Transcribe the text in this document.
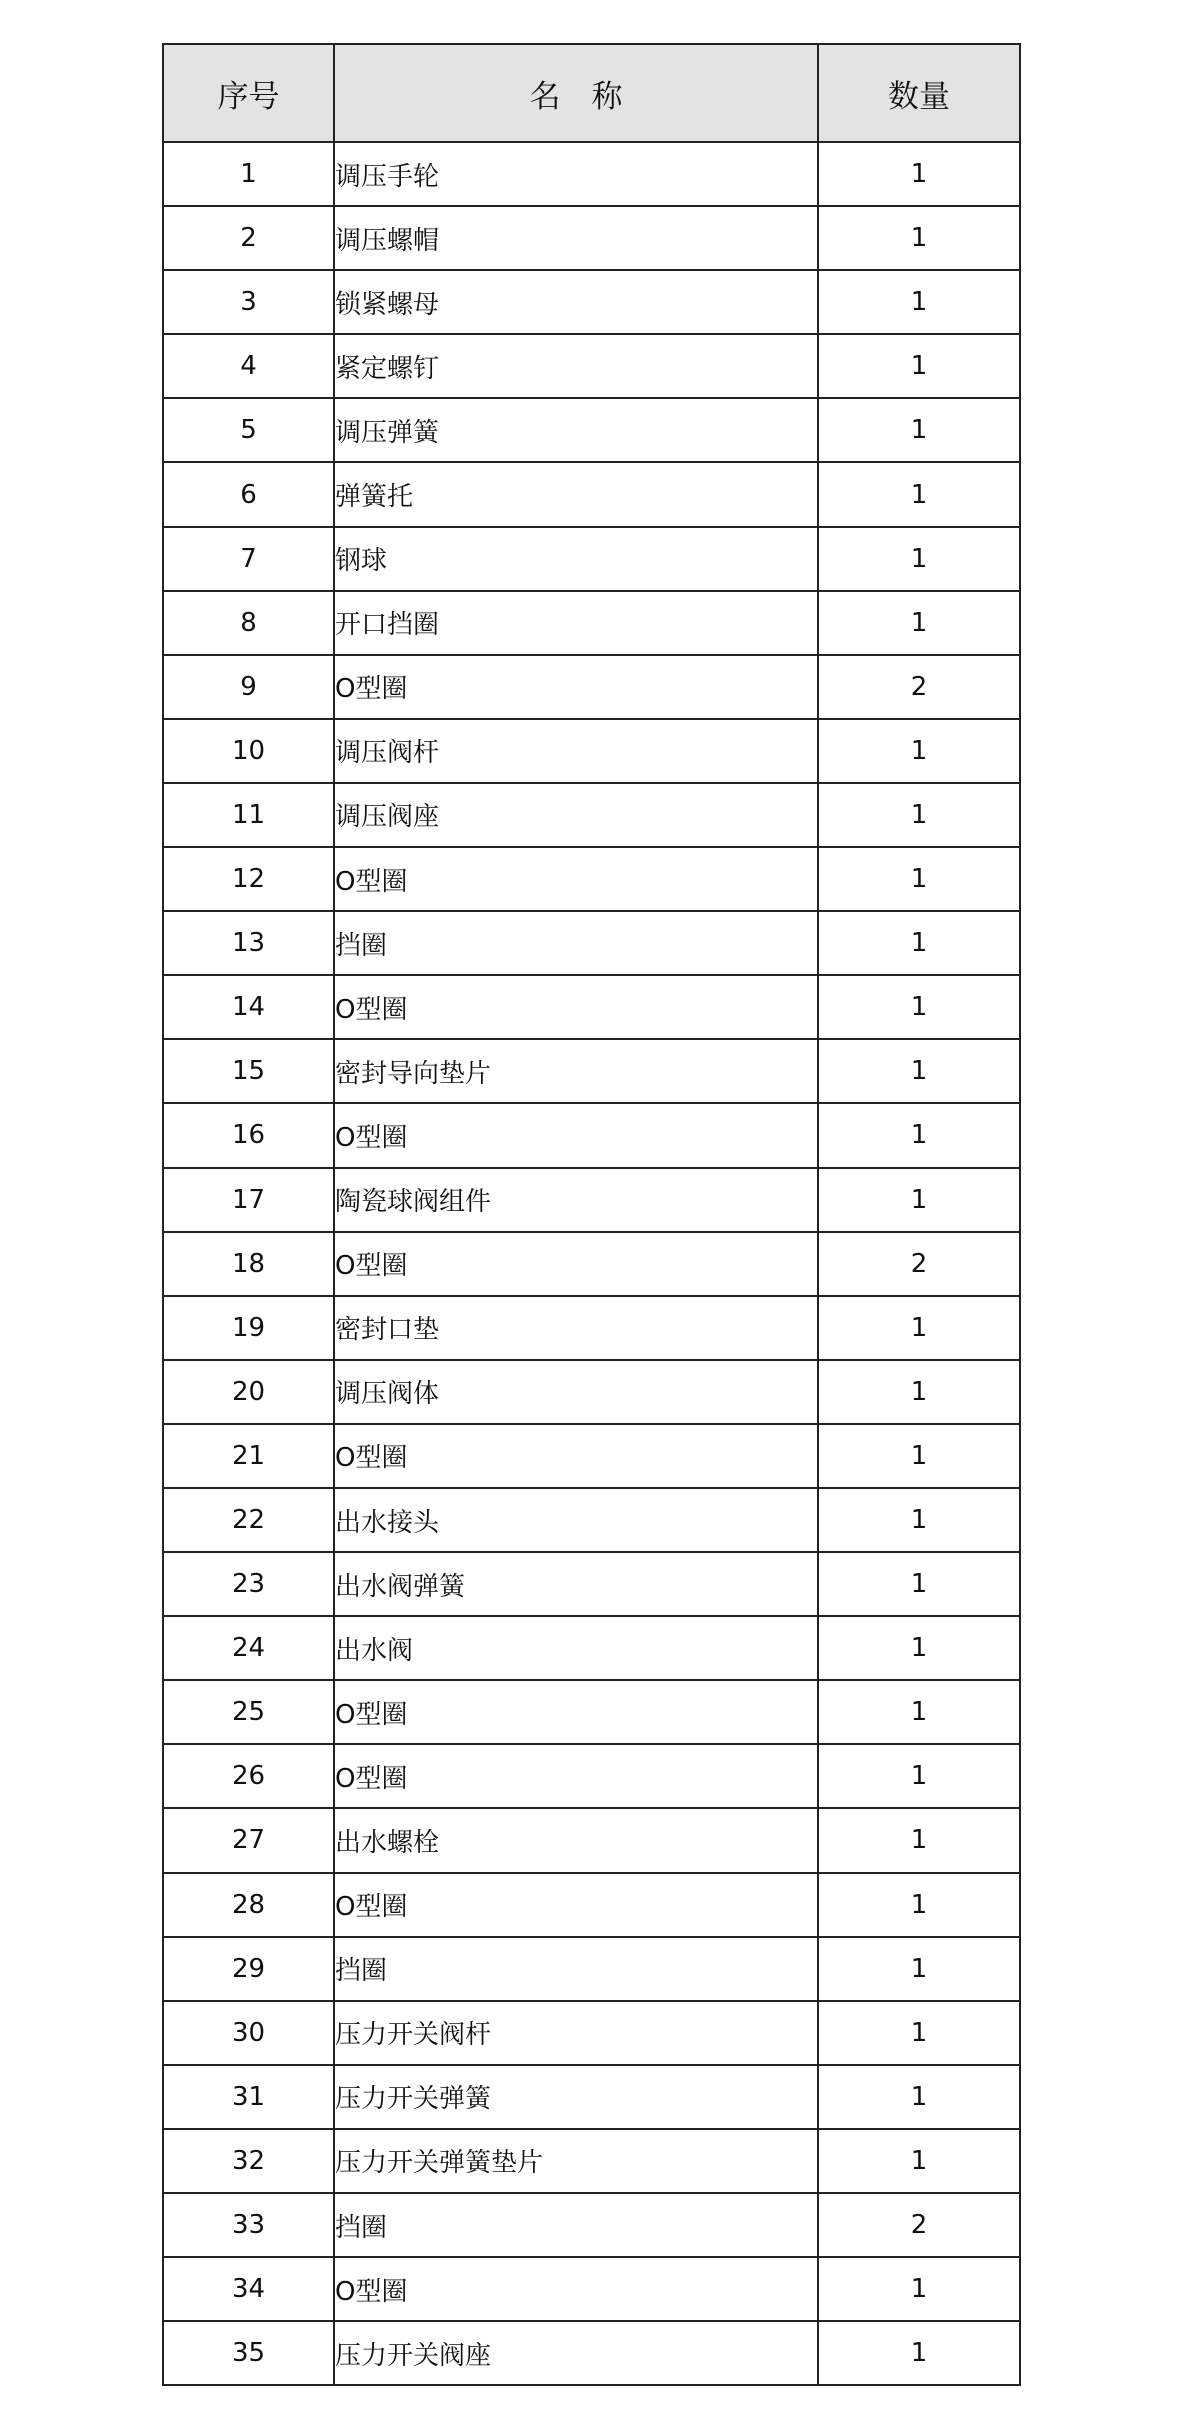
序号	名　称	数量
1	调压手轮	1
2	调压螺帽	1
3	锁紧螺母	1
4	紧定螺钉	1
5	调压弹簧	1
6	弹簧托	1
7	钢球	1
8	开口挡圈	1
9	O型圈	2
10	调压阀杆	1
11	调压阀座	1
12	O型圈	1
13	挡圈	1
14	O型圈	1
15	密封导向垫片	1
16	O型圈	1
17	陶瓷球阀组件	1
18	O型圈	2
19	密封口垫	1
20	调压阀体	1
21	O型圈	1
22	出水接头	1
23	出水阀弹簧	1
24	出水阀	1
25	O型圈	1
26	O型圈	1
27	出水螺栓	1
28	O型圈	1
29	挡圈	1
30	压力开关阀杆	1
31	压力开关弹簧	1
32	压力开关弹簧垫片	1
33	挡圈	2
34	O型圈	1
35	压力开关阀座	1
